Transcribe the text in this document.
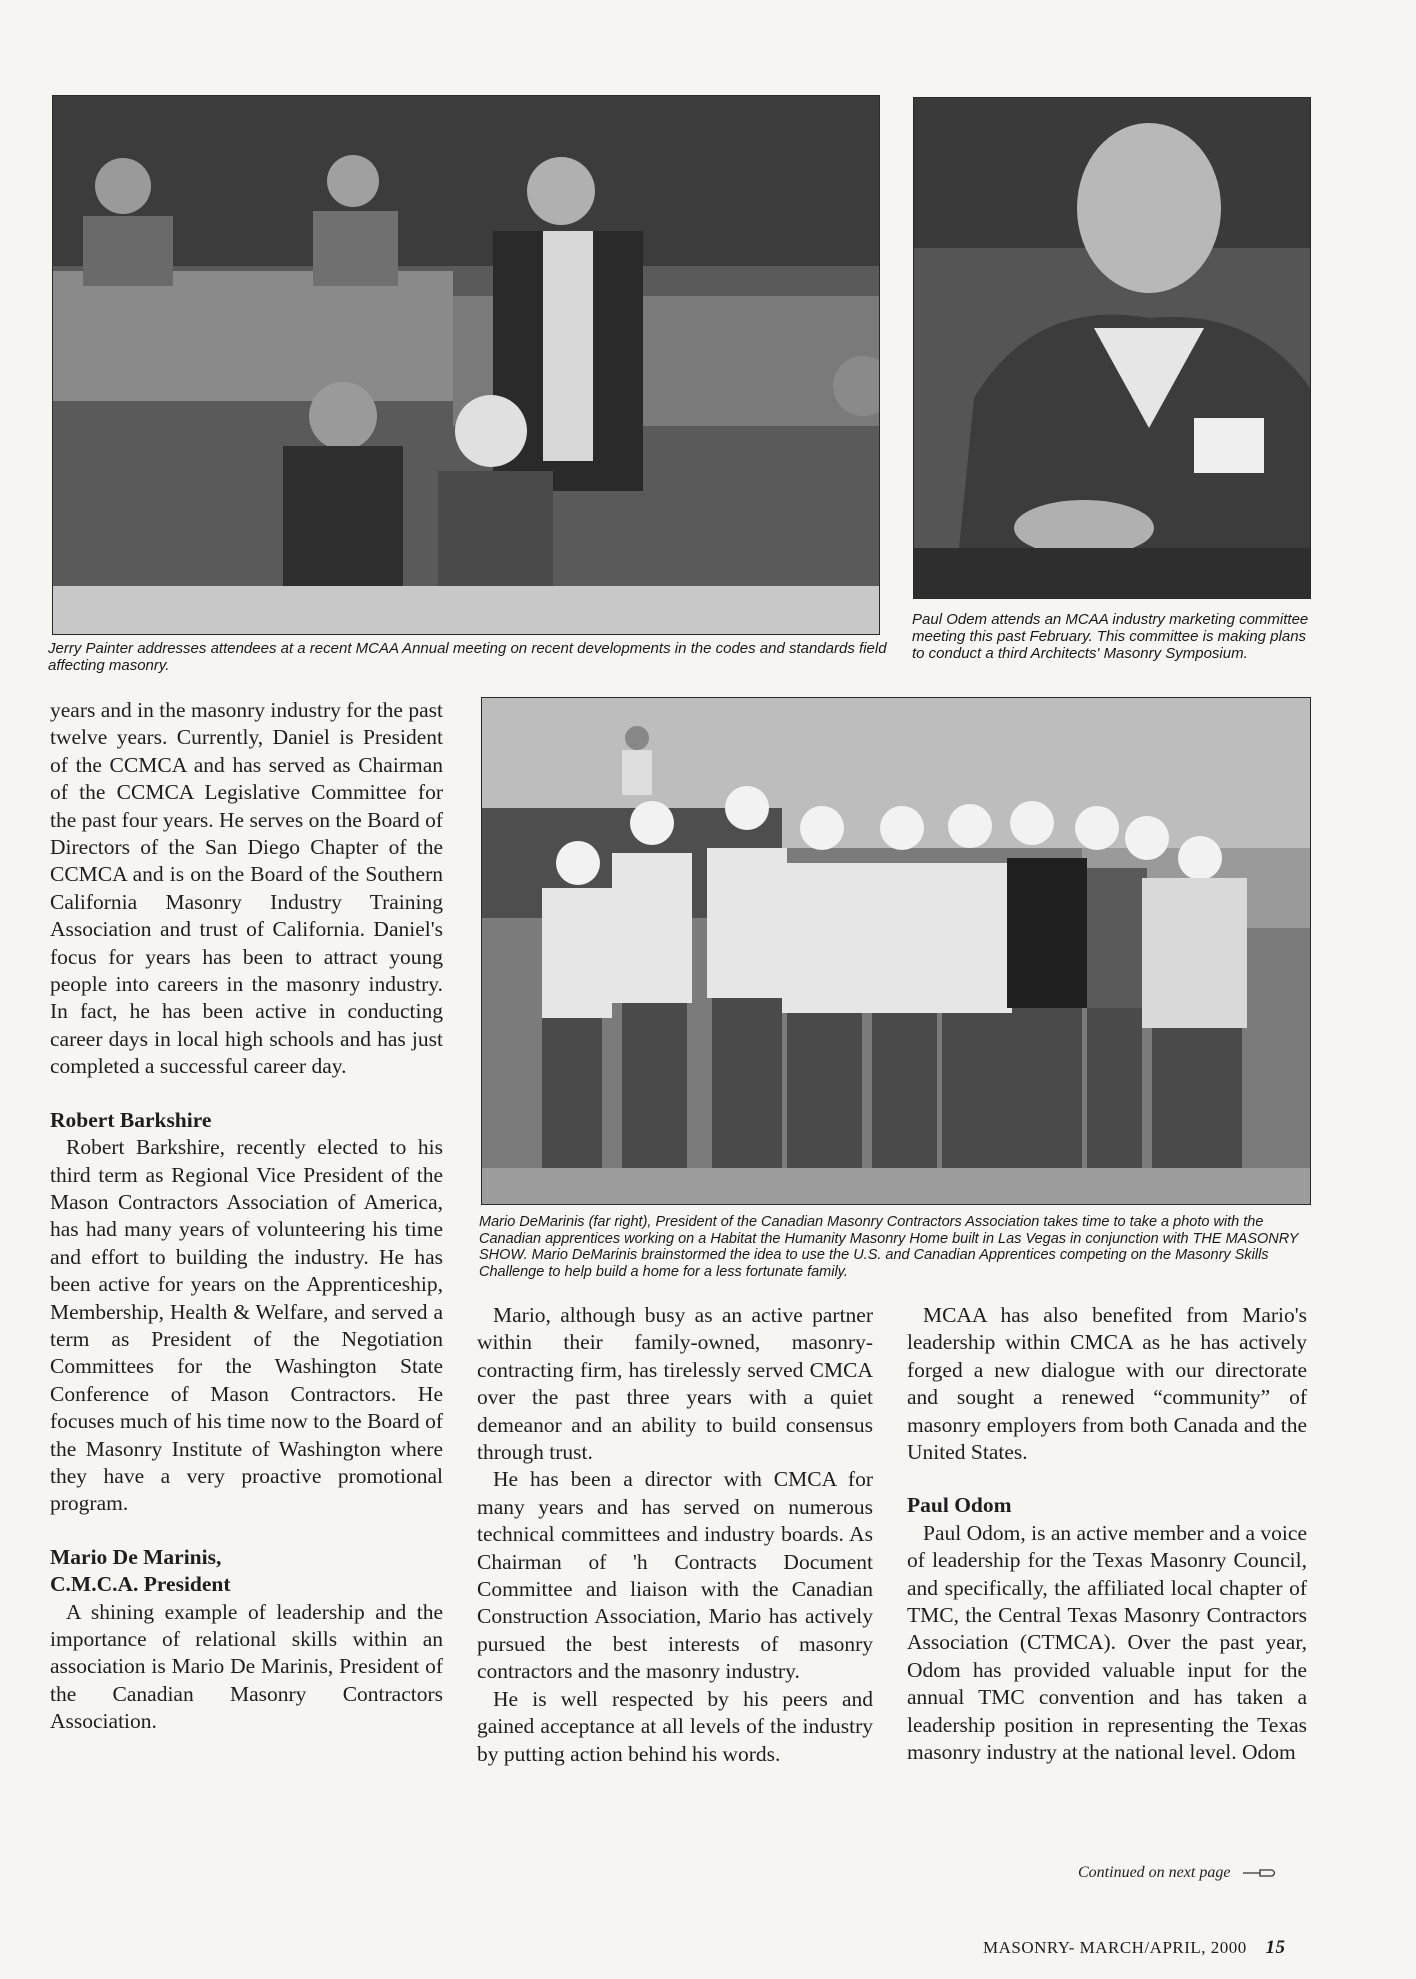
Jerry Painter addresses attendees at a recent MCAA Annual meeting on recent developments in the codes and standards field affecting masonry.

Paul Odem attends an MCAA industry marketing committee meeting this past February. This committee is making plans to conduct a third Architects' Masonry Symposium.

Mario DeMarinis (far right), President of the Canadian Masonry Contractors Association takes time to take a photo with the Canadian apprentices working on a Habitat the Humanity Masonry Home built in Las Vegas in conjunction with THE MASONRY SHOW. Mario DeMarinis brainstormed the idea to use the U.S. and Canadian Apprentices competing on the Masonry Skills Challenge to help build a home for a less fortunate family.

years and in the masonry industry for the past twelve years. Currently, Daniel is President of the CCMCA and has served as Chairman of the CCMCA Legislative Committee for the past four years. He serves on the Board of Directors of the San Diego Chapter of the CCMCA and is on the Board of the Southern California Masonry Industry Training Association and trust of California. Daniel's focus for years has been to attract young people into careers in the masonry industry. In fact, he has been active in conducting career days in local high schools and has just completed a successful career day.

Robert Barkshire

Robert Barkshire, recently elected to his third term as Regional Vice President of the Mason Contractors Association of America, has had many years of volunteering his time and effort to building the industry. He has been active for years on the Apprenticeship, Membership, Health & Welfare, and served a term as President of the Negotiation Committees for the Washington State Conference of Mason Contractors. He focuses much of his time now to the Board of the Masonry Institute of Washington where they have a very proactive promotional program.

Mario De Marinis,
C.M.C.A. President

A shining example of leadership and the importance of relational skills within an association is Mario De Marinis, President of the Canadian Masonry Contractors Association.

Mario, although busy as an active partner within their family-owned, masonry-contracting firm, has tirelessly served CMCA over the past three years with a quiet demeanor and an ability to build consensus through trust.

He has been a director with CMCA for many years and has served on numerous technical committees and industry boards. As Chairman of 'h Contracts Document Committee and liaison with the Canadian Construction Association, Mario has actively pursued the best interests of masonry contractors and the masonry industry.

He is well respected by his peers and gained acceptance at all levels of the industry by putting action behind his words.

MCAA has also benefited from Mario's leadership within CMCA as he has actively forged a new dialogue with our directorate and sought a renewed “community” of masonry employers from both Canada and the United States.

Paul Odom

Paul Odom, is an active member and a voice of leadership for the Texas Masonry Council, and specifically, the affiliated local chapter of TMC, the Central Texas Masonry Contractors Association (CTMCA). Over the past year, Odom has provided valuable input for the annual TMC convention and has taken a leadership position in representing the Texas masonry industry at the national level. Odom

Continued on next page
MASONRY- MARCH/APRIL, 2000 15
